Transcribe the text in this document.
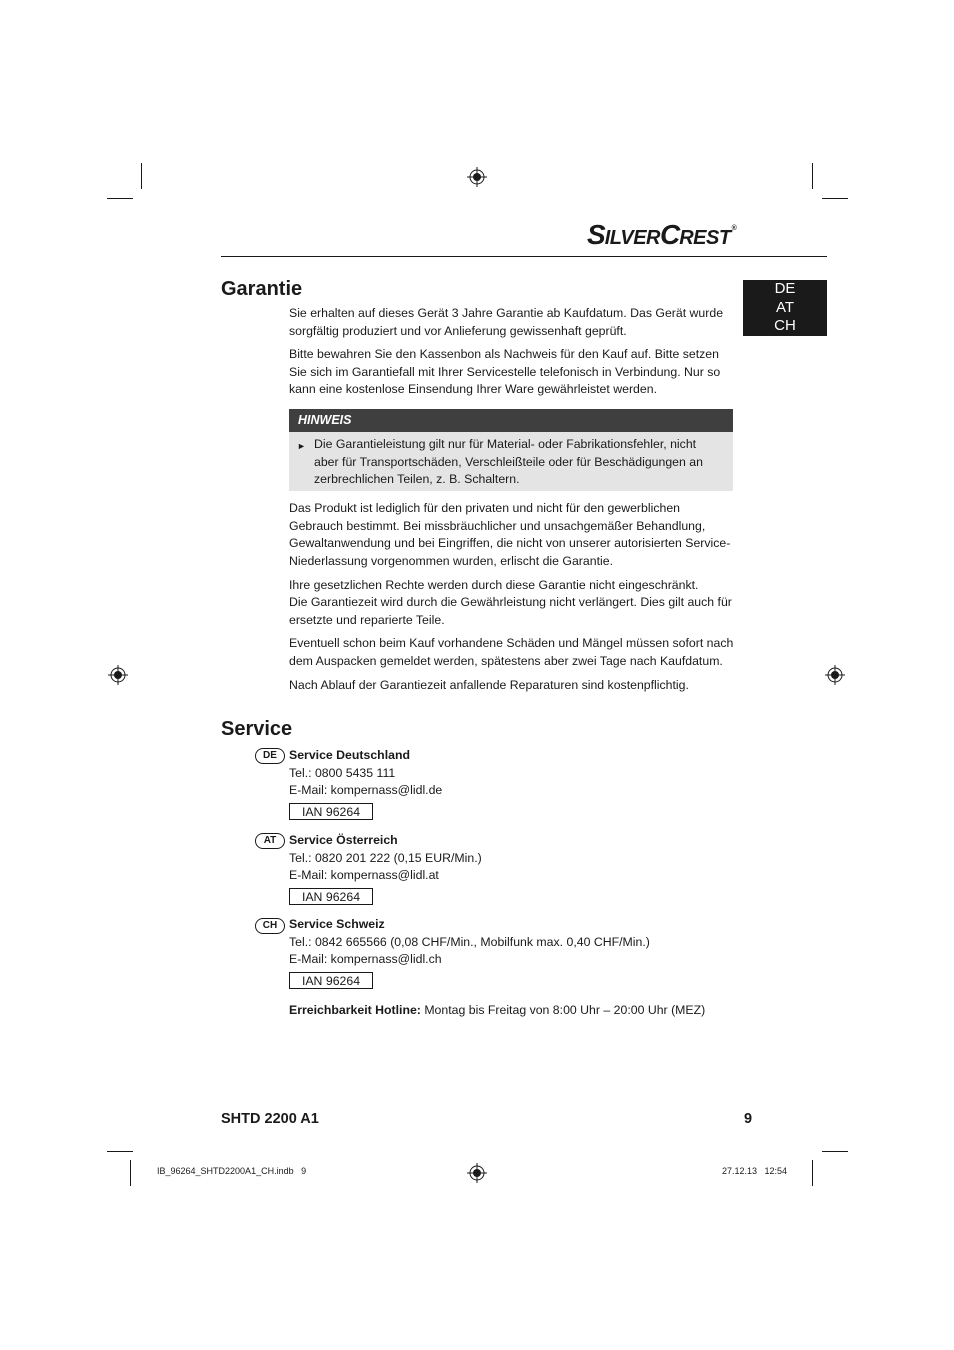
SILVERCREST®
DE
AT
CH
Garantie

Sie erhalten auf dieses Gerät 3 Jahre Garantie ab Kaufdatum. Das Gerät wurde sorgfältig produziert und vor Anlieferung gewissenhaft geprüft.

Bitte bewahren Sie den Kassenbon als Nachweis für den Kauf auf. Bitte setzen Sie sich im Garantiefall mit Ihrer Servicestelle telefonisch in Verbindung. Nur so kann eine kostenlose Einsendung Ihrer Ware gewährleistet werden.

HINWEIS
► Die Garantieleistung gilt nur für Material- oder Fabrikationsfehler, nicht aber für Transportschäden, Verschleißteile oder für Beschädigungen an zerbrechlichen Teilen, z. B. Schaltern.

Das Produkt ist lediglich für den privaten und nicht für den gewerblichen Gebrauch bestimmt. Bei missbräuchlicher und unsachgemäßer Behandlung, Gewaltanwendung und bei Eingriffen, die nicht von unserer autorisierten Service-Niederlassung vorgenommen wurden, erlischt die Garantie.

Ihre gesetzlichen Rechte werden durch diese Garantie nicht eingeschränkt.

Die Garantiezeit wird durch die Gewährleistung nicht verlängert. Dies gilt auch für ersetzte und reparierte Teile.

Eventuell schon beim Kauf vorhandene Schäden und Mängel müssen sofort nach dem Auspacken gemeldet werden, spätestens aber zwei Tage nach Kaufdatum.

Nach Ablauf der Garantiezeit anfallende Reparaturen sind kostenpflichtig.

Service
DE Service Deutschland
Tel.: 0800 5435 111
E-Mail: kompernass@lidl.de
IAN 96264
AT	Service Österreich
Tel.: 0820 201 222 (0,15 EUR/Min.)
E-Mail: kompernass@lidl.at
IAN 96264
CH Service Schweiz
Tel.: 0842 665566 (0,08 CHF/Min., Mobilfunk max. 0,40 CHF/Min.)
E-Mail: kompernass@lidl.ch
IAN 96264
Erreichbarkeit Hotline: Montag bis Freitag von 8:00 Uhr – 20:00 Uhr (MEZ)
SHTD 2200 A1	9
IB_96264_SHTD2200A1_CH.indb   9	27.12.13   12:54
